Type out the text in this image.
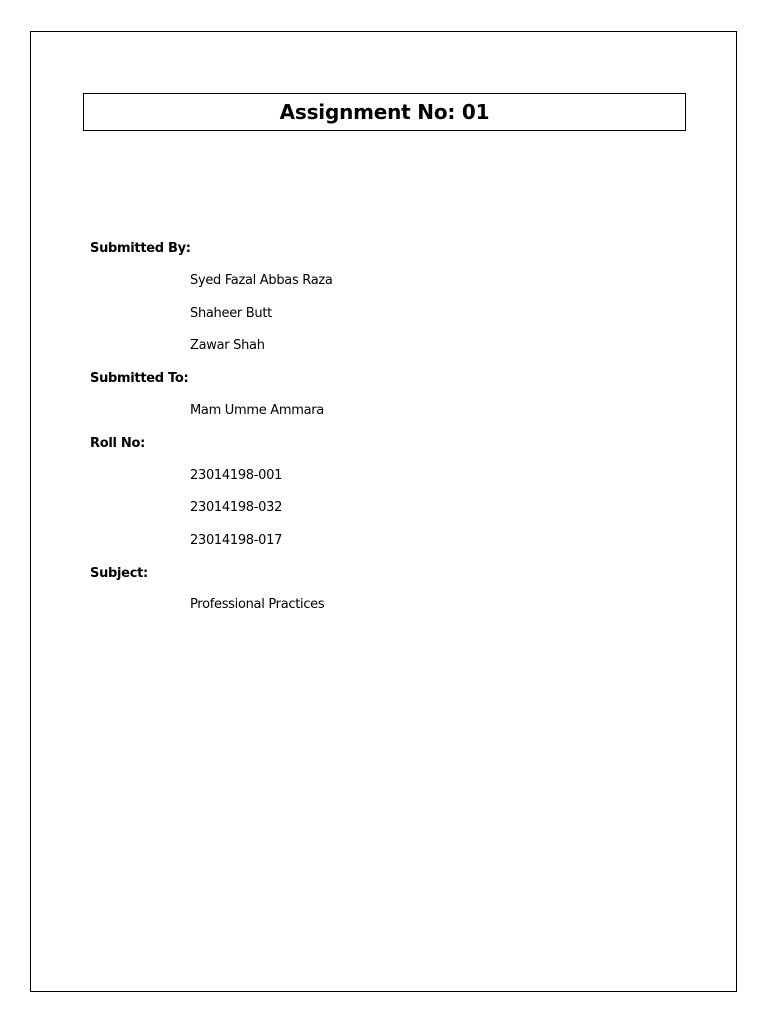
Assignment No: 01
Submitted By:
Syed Fazal Abbas Raza
Shaheer Butt
Zawar Shah
Submitted To:
Mam Umme Ammara
Roll No:
23014198-001
23014198-032
23014198-017
Subject:
Professional Practices
